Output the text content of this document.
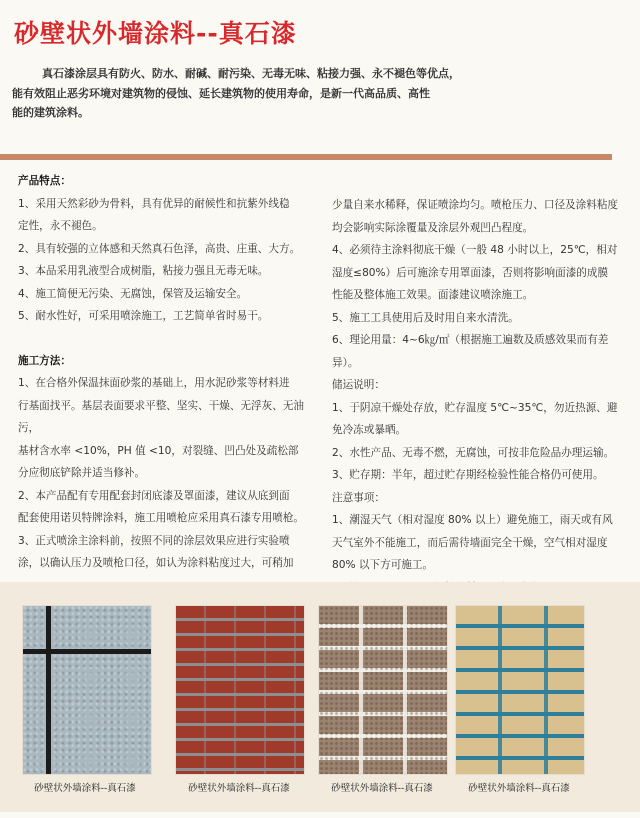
砂壁状外墙涂料--真石漆
真石漆涂层具有防火、防水、耐碱、耐污染、无毒无味、粘接力强、永不褪色等优点，
能有效阻止恶劣环境对建筑物的侵蚀、延长建筑物的使用寿命，是新一代高品质、高性
能的建筑涂料。

产品特点：

1、采用天然彩砂为骨料，具有优异的耐候性和抗紫外线稳

定性，永不褪色。

2、具有较强的立体感和天然真石色泽，高贵、庄重、大方。

3、本品采用乳液型合成树脂，粘接力强且无毒无味。

4、施工简便无污染、无腐蚀，保管及运输安全。

5、耐水性好，可采用喷涂施工，工艺简单省时易干。

施工方法：

1、在合格外保温抹面砂浆的基础上，用水泥砂浆等材料进

行基面找平。基层表面要求平整、坚实、干燥、无浮灰、无油污，

基材含水率 <10%，PH 值 <10，对裂缝、凹凸处及疏松部

分应彻底铲除并适当修补。

2、本产品配有专用配套封闭底漆及罩面漆，建议从底到面

配套使用诺贝特牌涂料，施工用喷枪应采用真石漆专用喷枪。

3、正式喷涂主涂料前，按照不同的涂层效果应进行实验喷

涂，以确认压力及喷枪口径，如认为涂料粘度过大，可稍加

少量自来水稀释，保证喷涂均匀。喷枪压力、口径及涂料粘度

均会影响实际涂覆量及涂层外观凹凸程度。

4、必须待主涂料彻底干燥（一般 48 小时以上，25℃，相对

湿度≤80%）后可施涂专用罩面漆，否则将影响面漆的成膜

性能及整体施工效果。面漆建议喷涂施工。

5、施工工具使用后及时用自来水清洗。

6、理论用量：4~6㎏/㎡（根据施工遍数及质感效果而有差异）。

储运说明：

1、于阴凉干燥处存放，贮存温度 5℃~35℃，勿近热源、避

免冷冻或暴晒。

2、水性产品、无毒不燃，无腐蚀，可按非危险品办理运输。

3、贮存期：半年，超过贮存期经检验性能合格仍可使用。

注意事项：

1、潮湿天气（相对湿度 80% 以上）避免施工，雨天或有风

天气室外不能施工，而后需待墙面完全干燥，空气相对湿度

80% 以下方可施工。

砂壁状外墙涂料--真石漆	砂壁状外墙涂料--真石漆	砂壁状外墙涂料--真石漆	砂壁状外墙涂料--真石漆
